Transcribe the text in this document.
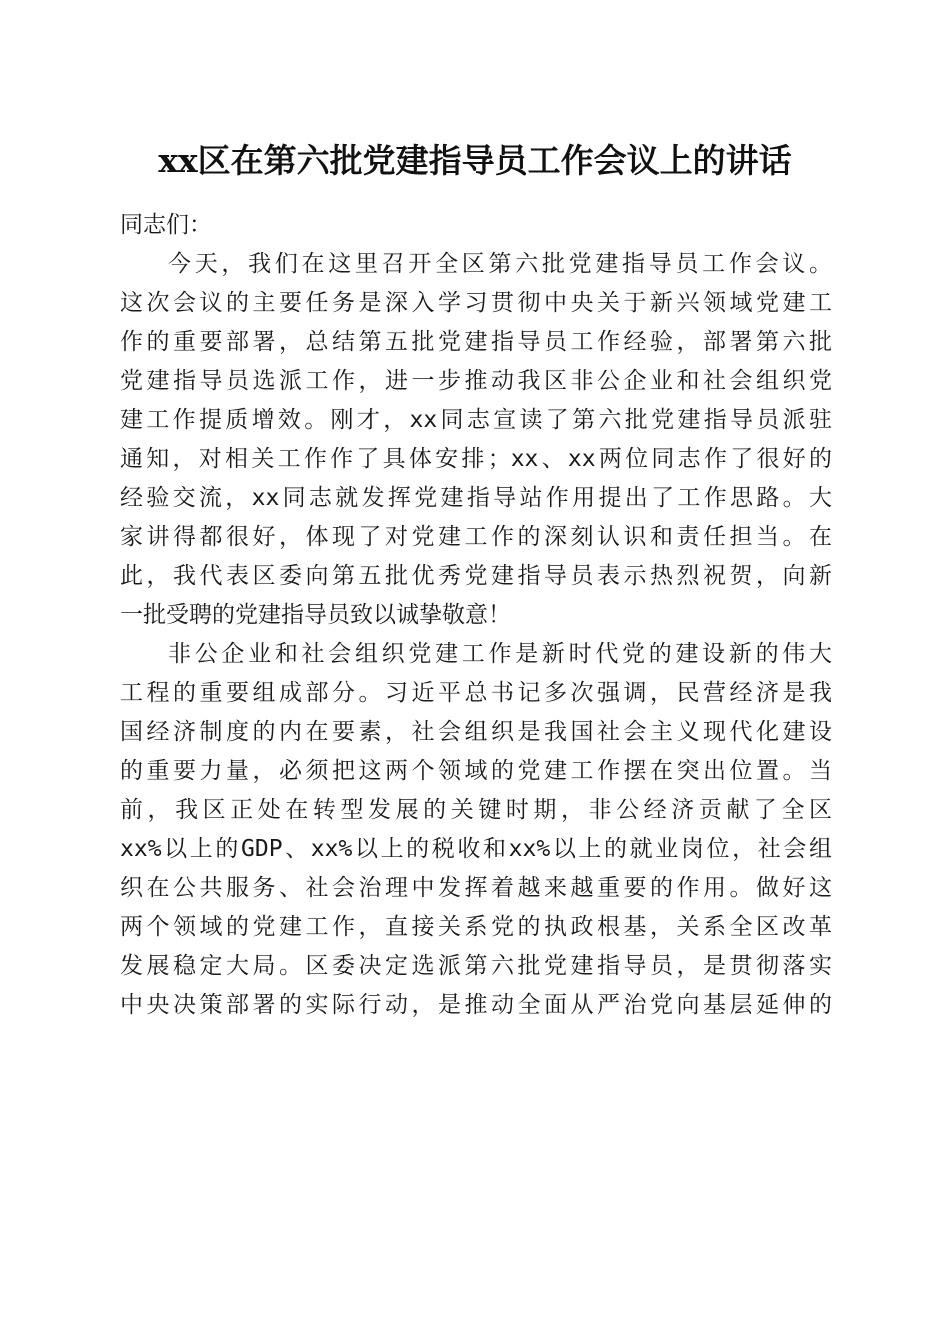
xx区在第六批党建指导员工作会议上的讲话
同志们：
今天，我们在这里召开全区第六批党建指导员工作会议。
这次会议的主要任务是深入学习贯彻中央关于新兴领域党建工
作的重要部署，总结第五批党建指导员工作经验，部署第六批
党建指导员选派工作，进一步推动我区非公企业和社会组织党
建工作提质增效。刚才，xx同志宣读了第六批党建指导员派驻
通知，对相关工作作了具体安排；xx、xx两位同志作了很好的
经验交流，xx同志就发挥党建指导站作用提出了工作思路。大
家讲得都很好，体现了对党建工作的深刻认识和责任担当。在
此，我代表区委向第五批优秀党建指导员表示热烈祝贺，向新
一批受聘的党建指导员致以诚挚敬意！
非公企业和社会组织党建工作是新时代党的建设新的伟大
工程的重要组成部分。习近平总书记多次强调，民营经济是我
国经济制度的内在要素，社会组织是我国社会主义现代化建设
的重要力量，必须把这两个领域的党建工作摆在突出位置。当
前，我区正处在转型发展的关键时期，非公经济贡献了全区
xx%以上的GDP、xx%以上的税收和xx%以上的就业岗位，社会组
织在公共服务、社会治理中发挥着越来越重要的作用。做好这
两个领域的党建工作，直接关系党的执政根基，关系全区改革
发展稳定大局。区委决定选派第六批党建指导员，是贯彻落实
中央决策部署的实际行动，是推动全面从严治党向基层延伸的
